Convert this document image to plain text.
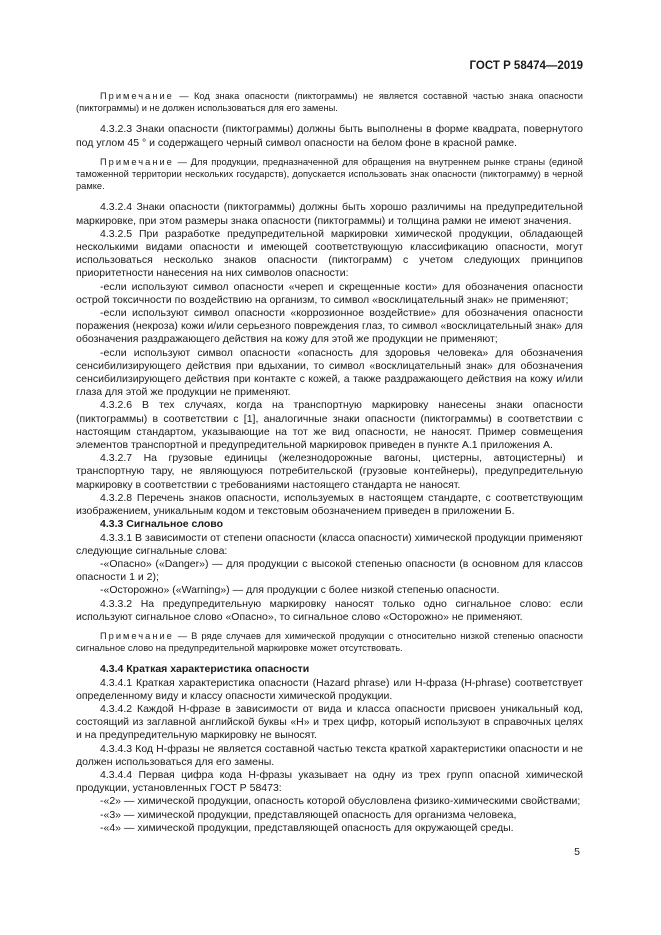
ГОСТ Р 58474—2019

Примечание — Код знака опасности (пиктограммы) не является составной частью знака опасности (пиктограммы) и не должен использоваться для его замены.

4.3.2.3 Знаки опасности (пиктограммы) должны быть выполнены в форме квадрата, повернутого под углом 45 ° и содержащего черный символ опасности на белом фоне в красной рамке.

Примечание — Для продукции, предназначенной для обращения на внутреннем рынке страны (единой таможенной территории нескольких государств), допускается использовать знак опасности (пиктограмму) в черной рамке.

4.3.2.4 Знаки опасности (пиктограммы) должны быть хорошо различимы на предупредительной маркировке, при этом размеры знака опасности (пиктограммы) и толщина рамки не имеют значения.

4.3.2.5 При разработке предупредительной маркировки химической продукции, обладающей несколькими видами опасности и имеющей соответствующую классификацию опасности, могут использоваться несколько знаков опасности (пиктограмм) с учетом следующих принципов приоритетности нанесения на них символов опасности:

-если используют символ опасности «череп и скрещенные кости» для обозначения опасности острой токсичности по воздействию на организм, то символ «восклицательный знак» не применяют;

-если используют символ опасности «коррозионное воздействие» для обозначения опасности поражения (некроза) кожи и/или серьезного повреждения глаз, то символ «восклицательный знак» для обозначения раздражающего действия на кожу для этой же продукции не применяют;

-если используют символ опасности «опасность для здоровья человека» для обозначения сенсибилизирующего действия при вдыхании, то символ «восклицательный знак» для обозначения сенсибилизирующего действия при контакте с кожей, а также раздражающего действия на кожу и/или глаза для этой же продукции не применяют.

4.3.2.6 В тех случаях, когда на транспортную маркировку нанесены знаки опасности (пиктограммы) в соответствии с [1], аналогичные знаки опасности (пиктограммы) в соответствии с настоящим стандартом, указывающие на тот же вид опасности, не наносят. Пример совмещения элементов транспортной и предупредительной маркировок приведен в пункте А.1 приложения А.

4.3.2.7 На грузовые единицы (железнодорожные вагоны, цистерны, автоцистерны) и транспортную тару, не являющуюся потребительской (грузовые контейнеры), предупредительную маркировку в соответствии с требованиями настоящего стандарта не наносят.

4.3.2.8 Перечень знаков опасности, используемых в настоящем стандарте, с соответствующим изображением, уникальным кодом и текстовым обозначением приведен в приложении Б.

4.3.3 Сигнальное слово

4.3.3.1 В зависимости от степени опасности (класса опасности) химической продукции применяют следующие сигнальные слова:

-«Опасно» («Danger») — для продукции с высокой степенью опасности (в основном для классов опасности 1 и 2);

-«Осторожно» («Warning») — для продукции с более низкой степенью опасности.

4.3.3.2 На предупредительную маркировку наносят только одно сигнальное слово: если используют сигнальное слово «Опасно», то сигнальное слово «Осторожно» не применяют.

Примечание — В ряде случаев для химической продукции с относительно низкой степенью опасности сигнальное слово на предупредительной маркировке может отсутствовать.

4.3.4 Краткая характеристика опасности

4.3.4.1 Краткая характеристика опасности (Hazard phrase) или Н-фраза (H-phrase) соответствует определенному виду и классу опасности химической продукции.

4.3.4.2 Каждой Н-фразе в зависимости от вида и класса опасности присвоен уникальный код, состоящий из заглавной английской буквы «Н» и трех цифр, который используют в справочных целях и на предупредительную маркировку не выносят.

4.3.4.3 Код Н-фразы не является составной частью текста краткой характеристики опасности и не должен использоваться для его замены.

4.3.4.4 Первая цифра кода Н-фразы указывает на одну из трех групп опасной химической продукции, установленных ГОСТ Р 58473:

-«2» — химической продукции, опасность которой обусловлена физико-химическими свойствами;

-«3» — химической продукции, представляющей опасность для организма человека,

-«4» — химической продукции, представляющей опасность для окружающей среды.

5
